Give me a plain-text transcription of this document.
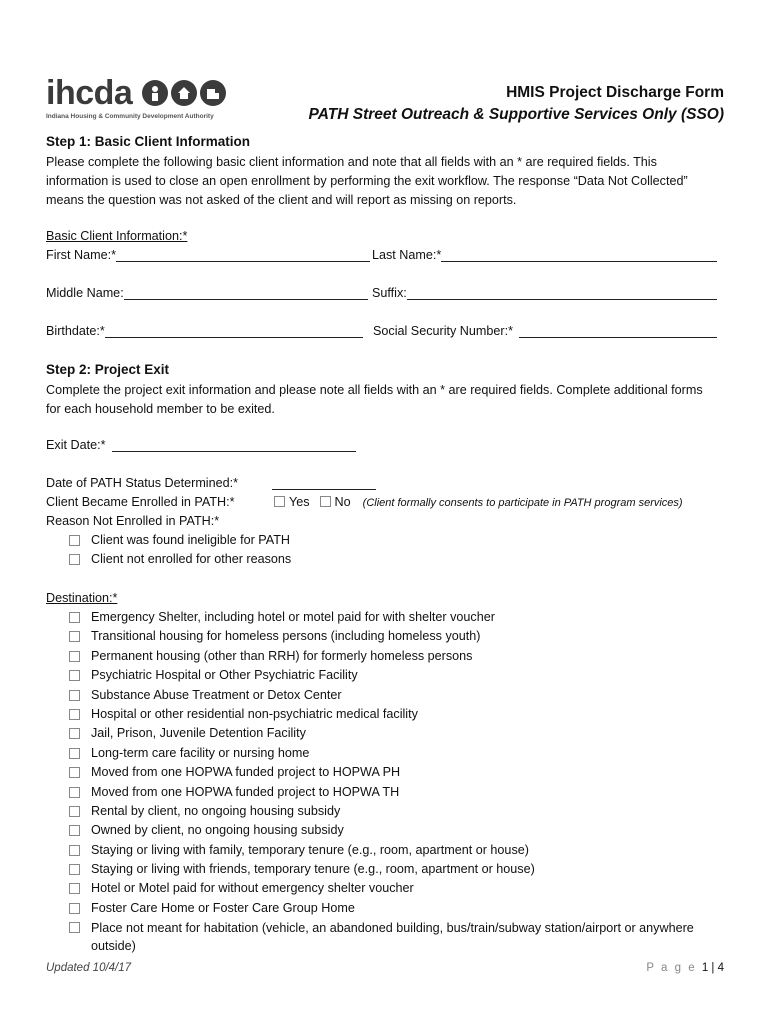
ihcda
Indiana Housing & Community Development Authority
HMIS Project Discharge Form
PATH Street Outreach & Supportive Services Only (SSO)
Step 1: Basic Client Information
Please complete the following basic client information and note that all fields with an * are required fields. This
information is used to close an open enrollment by performing the exit workflow. The response “Data Not Collected”
means the question was not asked of the client and will report as missing on reports.
Basic Client Information:*
First Name:*	Last Name:*
Middle Name:	Suffix:
Birthdate:*	Social Security Number:*
Step 2: Project Exit
Complete the project exit information and please note all fields with an * are required fields. Complete additional forms
for each household member to be exited.
Exit Date:*
Date of PATH Status Determined:*
Client Became Enrolled in PATH:*	Yes	No (Client formally consents to participate in PATH program services)
Reason Not Enrolled in PATH:*
Client was found ineligible for PATH
Client not enrolled for other reasons
Destination:*
Emergency Shelter, including hotel or motel paid for with shelter voucher
Transitional housing for homeless persons (including homeless youth)
Permanent housing (other than RRH) for formerly homeless persons
Psychiatric Hospital or Other Psychiatric Facility
Substance Abuse Treatment or Detox Center
Hospital or other residential non-psychiatric medical facility
Jail, Prison, Juvenile Detention Facility
Long-term care facility or nursing home
Moved from one HOPWA funded project to HOPWA PH
Moved from one HOPWA funded project to HOPWA TH
Rental by client, no ongoing housing subsidy
Owned by client, no ongoing housing subsidy
Staying or living with family, temporary tenure (e.g., room, apartment or house)
Staying or living with friends, temporary tenure (e.g., room, apartment or house)
Hotel or Motel paid for without emergency shelter voucher
Foster Care Home or Foster Care Group Home
Place not meant for habitation (vehicle, an abandoned building, bus/train/subway station/airport or anywhere outside)
Updated 10/4/17	P a g e 1 | 4
